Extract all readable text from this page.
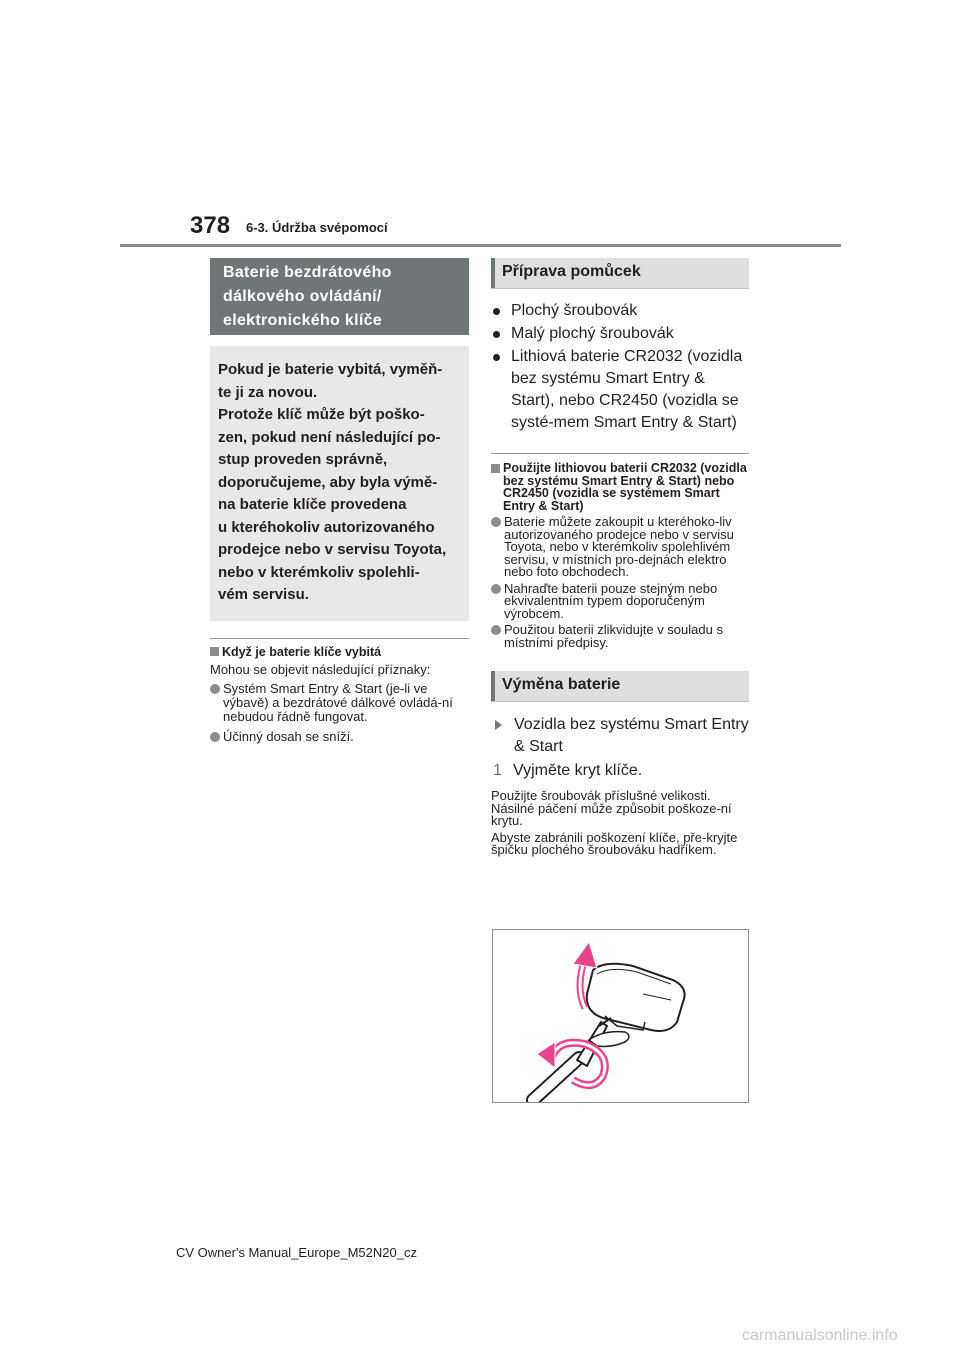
378 6-3. Údržba svépomocí
Baterie bezdrátového
dálkového ovládání/
elektronického klíče

Pokud je baterie vybitá, vyměň-

te ji za novou.

Protože klíč může být poško-

zen, pokud není následující po-

stup proveden správně,

doporučujeme, aby byla výmě-

na baterie klíče provedena

u kteréhokoliv autorizovaného

prodejce nebo v servisu Toyota,

nebo v kterémkoliv spolehli-

vém servisu.

Když je baterie klíče vybitá
Mohou se objevit následující příznaky:
Systém Smart Entry & Start (je-li ve výbavě) a bezdrátové dálkové ovládá-ní nebudou řádně fungovat.
Účinný dosah se sníží.
Příprava pomůcek
Plochý šroubovák
Malý plochý šroubovák
Lithiová baterie CR2032 (vozidla bez systému Smart Entry & Start), nebo CR2450 (vozidla se systé-mem Smart Entry & Start)
Použijte lithiovou baterii CR2032 (vozidla bez systému Smart Entry & Start) nebo CR2450 (vozidla se systémem Smart Entry & Start)
Baterie můžete zakoupit u kteréhoko-liv autorizovaného prodejce nebo v servisu Toyota, nebo v kterémkoliv spolehlivém servisu, v místních pro-dejnách elektro nebo foto obchodech.
Nahraďte baterii pouze stejným nebo ekvivalentním typem doporučeným výrobcem.
Použitou baterii zlikvidujte v souladu s místními předpisy.
Výměna baterie
Vozidla bez systému Smart Entry & Start
1 Vyjměte kryt klíče.
Použijte šroubovák příslušné velikosti. Násilné páčení může způsobit poškoze-ní krytu.
Abyste zabránili poškození klíče, pře-kryjte špičku plochého šroubováku hadříkem.
CV Owner's Manual_Europe_M52N20_cz
carmanualsonline.info
